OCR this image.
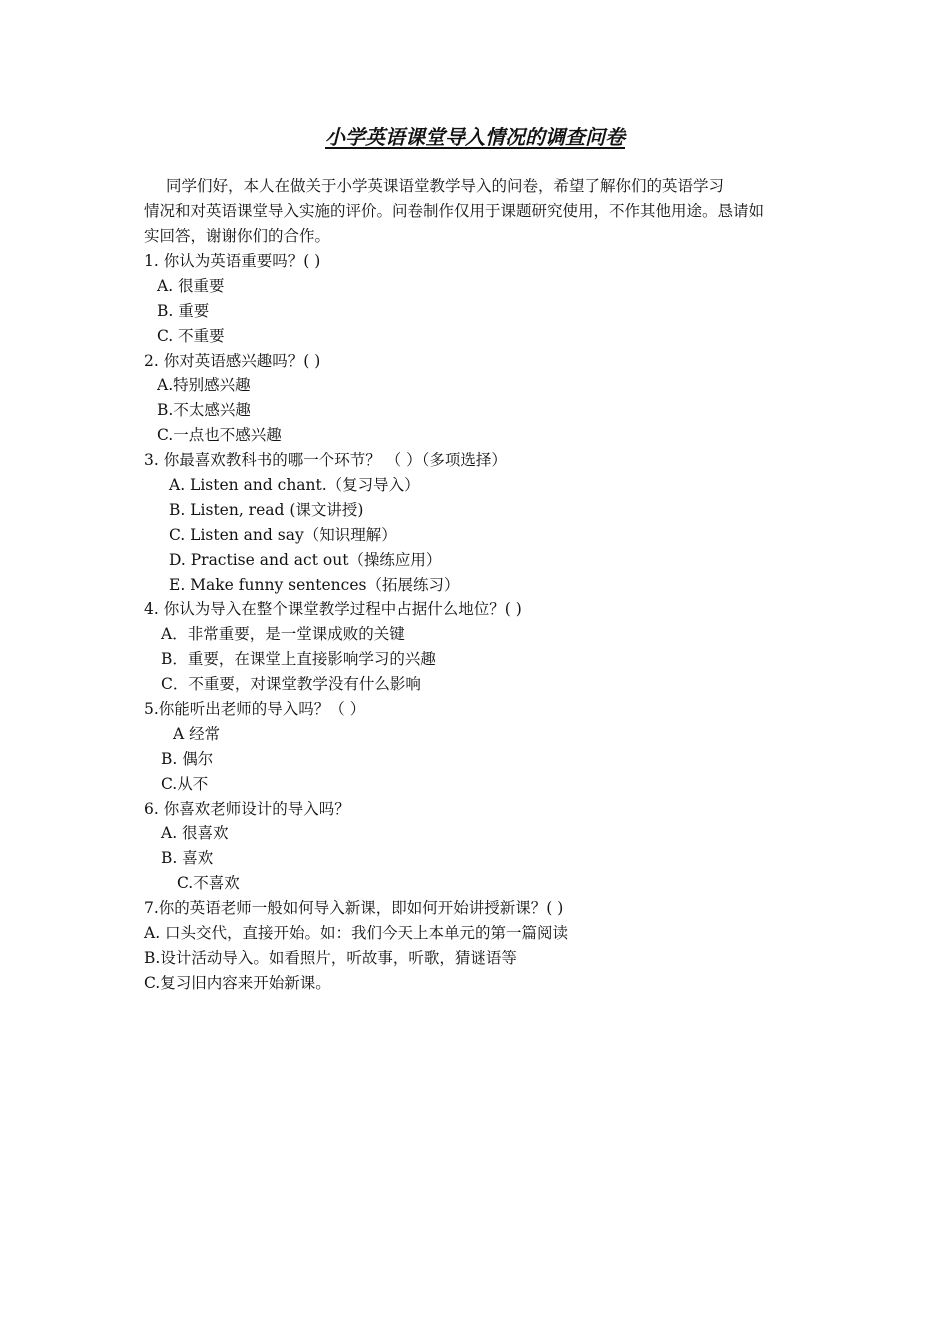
小学英语课堂导入情况的调查问卷
同学们好，本人在做关于小学英课语堂教学导入的问卷，希望了解你们的英语学习
情况和对英语课堂导入实施的评价。问卷制作仅用于课题研究使用，不作其他用途。恳请如
实回答，谢谢你们的合作。
1. 你认为英语重要吗？( )
A. 很重要
B. 重要
C. 不重要
2. 你对英语感兴趣吗？( )
A.特别感兴趣
B.不太感兴趣
C.一点也不感兴趣
3. 你最喜欢教科书的哪一个环节？ （ ）（多项选择）
A. Listen and chant.（复习导入）
B. Listen, read (课文讲授)
C. Listen and say（知识理解）
D. Practise and act out（操练应用）
E. Make funny sentences（拓展练习）
4. 你认为导入在整个课堂教学过程中占据什么地位？( )
A．非常重要，是一堂课成败的关键
B．重要，在课堂上直接影响学习的兴趣
C．不重要，对课堂教学没有什么影响
5.你能听出老师的导入吗？（ ）
A 经常
B. 偶尔
C.从不
6. 你喜欢老师设计的导入吗？
A. 很喜欢
B. 喜欢
C.不喜欢
7.你的英语老师一般如何导入新课，即如何开始讲授新课？( )
A. 口头交代，直接开始。如：我们今天上本单元的第一篇阅读
B.设计活动导入。如看照片，听故事，听歌，猜谜语等
C.复习旧内容来开始新课。
